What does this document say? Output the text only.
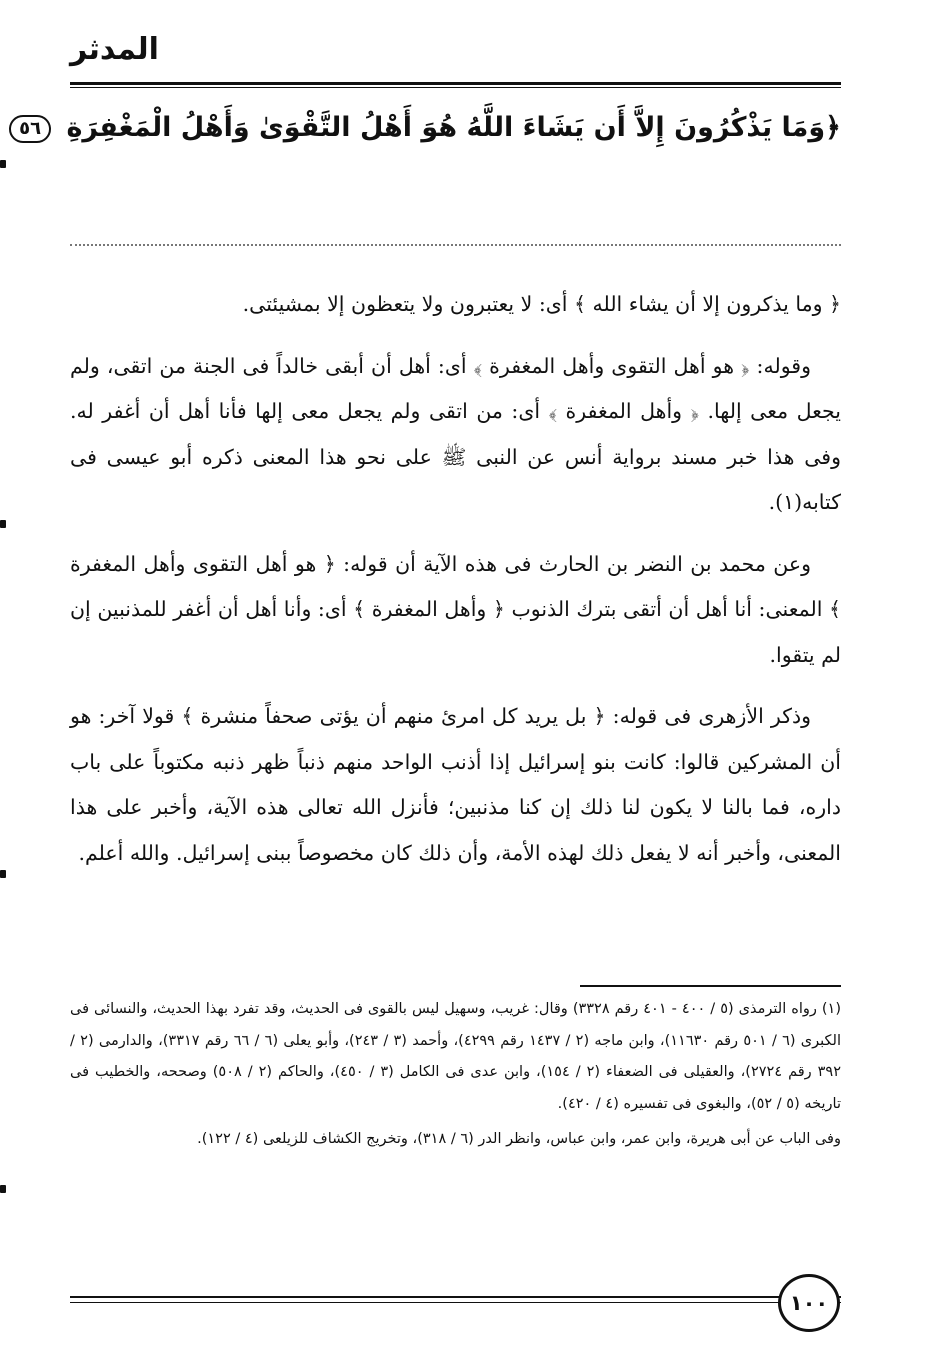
المدثر
﴿وَمَا يَذْكُرُونَ إِلاَّ أَن يَشَاءَ اللَّهُ هُوَ أَهْلُ التَّقْوَىٰ وَأَهْلُ الْمَغْفِرَةِ ٥٦

﴿ وما يذكرون إلا أن يشاء الله ﴾ أى: لا يعتبرون ولا يتعظون إلا بمشيئتى.

وقوله: ﴿ هو أهل التقوى وأهل المغفرة ﴾ أى: أهل أن أبقى خالداً فى الجنة من اتقى، ولم يجعل معى إلها. ﴿ وأهل المغفرة ﴾ أى: من اتقى ولم يجعل معى إلها فأنا أهل أن أغفر له. وفى هذا خبر مسند برواية أنس عن النبى ﷺ على نحو هذا المعنى ذكره أبو عيسى فى كتابه(١).

وعن محمد بن النضر بن الحارث فى هذه الآية أن قوله: ﴿ هو أهل التقوى وأهل المغفرة ﴾ المعنى: أنا أهل أن أتقى بترك الذنوب ﴿ وأهل المغفرة ﴾ أى: وأنا أهل أن أغفر للمذنبين إن لم يتقوا.

وذكر الأزهرى فى قوله: ﴿ بل يريد كل امرئ منهم أن يؤتى صحفاً منشرة ﴾ قولا آخر: هو أن المشركين قالوا: كانت بنو إسرائيل إذا أذنب الواحد منهم ذنباً ظهر ذنبه مكتوباً على باب داره، فما بالنا لا يكون لنا ذلك إن كنا مذنبين؛ فأنزل الله تعالى هذه الآية، وأخبر على هذا المعنى، وأخبر أنه لا يفعل ذلك لهذه الأمة، وأن ذلك كان مخصوصاً ببنى إسرائيل. والله أعلم.

(١) رواه الترمذى (٥ / ٤٠٠ - ٤٠١ رقم ٣٣٢٨) وقال: غريب، وسهيل ليس بالقوى فى الحديث، وقد تفرد بهذا الحديث، والنسائى فى الكبرى (٦ / ٥٠١ رقم ١١٦٣٠)، وابن ماجه (٢ / ١٤٣٧ رقم ٤٢٩٩)، وأحمد (٣ / ٢٤٣)، وأبو يعلى (٦ / ٦٦ رقم ٣٣١٧)، والدارمى (٢ / ٣٩٢ رقم ٢٧٢٤)، والعقيلى فى الضعفاء (٢ / ١٥٤)، وابن عدى فى الكامل (٣ / ٤٥٠)، والحاكم (٢ / ٥٠٨) وصححه، والخطيب فى تاريخه (٥ / ٥٢)، والبغوى فى تفسيره (٤ / ٤٢٠).

وفى الباب عن أبى هريرة، وابن عمر، وابن عباس، وانظر الدر (٦ / ٣١٨)، وتخريج الكشاف للزيلعى (٤ / ١٢٢).

١٠٠
